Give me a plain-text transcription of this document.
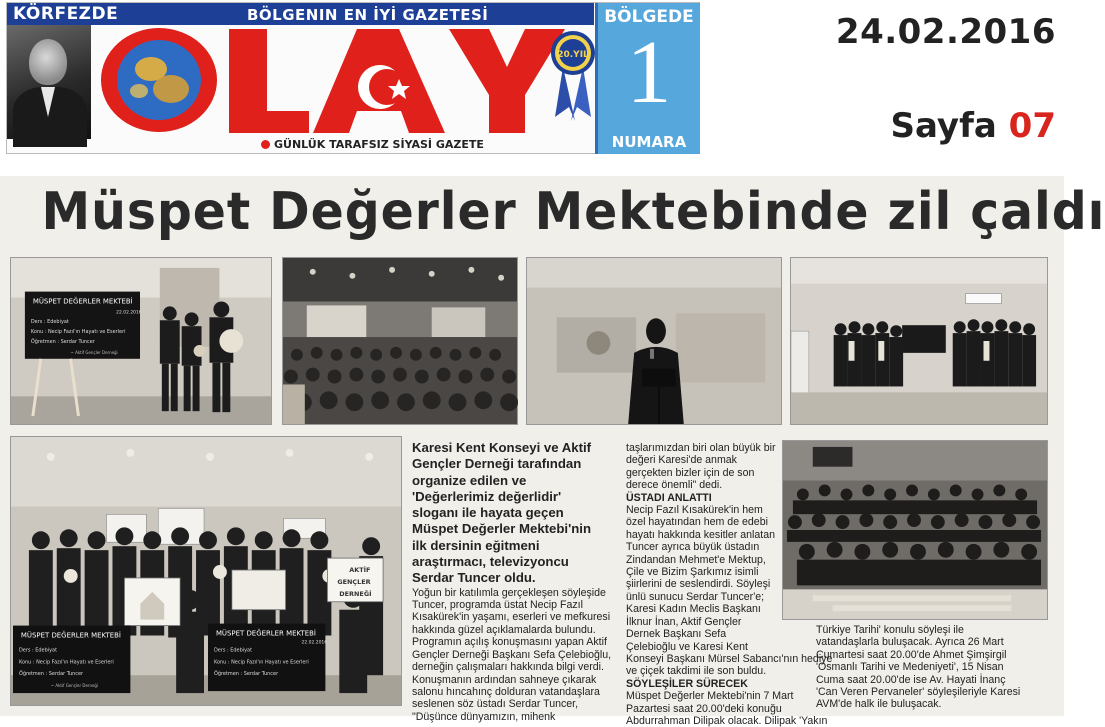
KÖRFEZDE	BÖLGENIN EN İYİ GAZETESİ
20.YIL
GÜNLÜK TARAFSIZ SİYASİ GAZETE
BÖLGEDE
1
NUMARA
24.02.2016
Sayfa 07
Müspet Değerler Mektebinde zil çaldı
MÜSPET DEĞERLER MEKTEBİ
22.02.2016
Ders : Edebiyat
Konu : Necip Fazıl'ın Hayatı ve Eserleri
Öğretmen : Serdar Tuncer
~ Aktif Gençler Derneği
AKTİF
GENÇLER
DERNEĞİ
MÜSPET DEĞERLER MEKTEBİ
Ders : Edebiyat
Konu : Necip Fazıl'ın Hayatı ve Eserleri
Öğretmen : Serdar Tuncer
~ Aktif Gençler Derneği
MÜSPET DEĞERLER MEKTEBİ
22.02.2016
Ders : Edebiyat
Konu : Necip Fazıl'ın Hayatı ve Eserleri
Öğretmen : Serdar Tuncer
Karesi Kent Konseyi ve Aktif
Gençler Derneği tarafından
organize edilen ve
'Değerlerimiz değerlidir'
sloganı ile hayata geçen
Müspet Değerler Mektebi'nin
ilk dersinin eğitmeni
araştırmacı, televizyoncu
Serdar Tuncer oldu.
Yoğun bir katılımla gerçekleşen söyleşide
Tuncer, programda üstat Necip Fazıl
Kısakürek'in yaşamı, eserleri ve mefkuresi
hakkında güzel açıklamalarda bulundu.
Programın açılış konuşmasını yapan Aktif
Gençler Derneği Başkanı Sefa Çelebioğlu,
derneğin çalışmaları hakkında bilgi verdi.
Konuşmanın ardından sahneye çıkarak
salonu hıncahınç dolduran vatandaşlara
seslenen söz üstadı Serdar Tuncer,
"Düşünce dünyamızın, mihenk
taşlarımızdan biri olan büyük bir
değeri Karesi'de anmak
gerçekten bizler için de son
derece önemli" dedi.
ÜSTADI ANLATTI
Necip Fazıl Kısakürek'in hem
özel hayatından hem de edebi
hayatı hakkında kesitler anlatan
Tuncer ayrıca büyük üstadın
Zindandan Mehmet'e Mektup,
Çile ve Bizim Şarkımız isimli
şiirlerini de seslendirdi. Söyleşi
ünlü sunucu Serdar Tuncer'e;
Karesi Kadın Meclis Başkanı
İlknur İnan, Aktif Gençler
Dernek Başkanı Sefa
Çelebioğlu ve Karesi Kent
Konseyi Başkanı Mürsel Sabancı'nın hediye
ve çiçek takdimi ile son buldu.
SÖYLEŞİLER SÜRECEK
Müspet Değerler Mektebi'nin 7 Mart
Pazartesi saat 20.00'deki konuğu
Abdurrahman Dilipak olacak. Dilipak 'Yakın
Türkiye Tarihi' konulu söyleşi ile
vatandaşlarla buluşacak. Ayrıca 26 Mart
Cumartesi saat 20.00'de Ahmet Şimşirgil
'Osmanlı Tarihi ve Medeniyeti', 15 Nisan
Cuma saat 20.00'de ise Av. Hayati İnanç
'Can Veren Pervaneler' söyleşileriyle Karesi
AVM'de halk ile buluşacak.
